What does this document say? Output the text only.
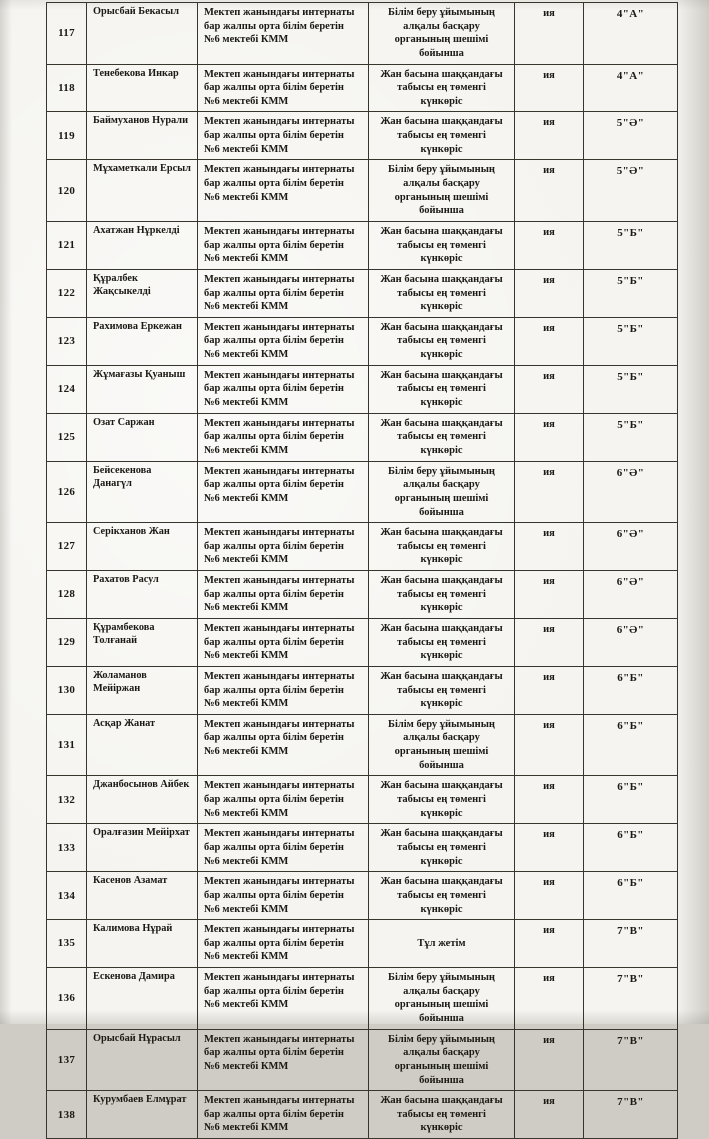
117	Орысбай Бекасыл	Мектеп жанындағы интернаты бар жалпы орта білім беретін №6 мектебі КММ	Білім беру ұйымының алқалы басқару органының шешімі бойынша	ия	4"А"
118	Тенебекова Инкар	Мектеп жанындағы интернаты бар жалпы орта білім беретін №6 мектебі КММ	Жан басына шаққандағы табысы ең төменгі күнкөріс	ия	4"А"
119	Баймуханов Нурали	Мектеп жанындағы интернаты бар жалпы орта білім беретін №6 мектебі КММ	Жан басына шаққандағы табысы ең төменгі күнкөріс	ия	5"Ә"
120	Мұхаметкали Ерсыл	Мектеп жанындағы интернаты бар жалпы орта білім беретін №6 мектебі КММ	Білім беру ұйымының алқалы басқару органының шешімі бойынша	ия	5"Ә"
121	Ахатжан Нұркелді	Мектеп жанындағы интернаты бар жалпы орта білім беретін №6 мектебі КММ	Жан басына шаққандағы табысы ең төменгі күнкөріс	ия	5"Б"
122	Құралбек Жақсыкелді	Мектеп жанындағы интернаты бар жалпы орта білім беретін №6 мектебі КММ	Жан басына шаққандағы табысы ең төменгі күнкөріс	ия	5"Б"
123	Рахимова Еркежан	Мектеп жанындағы интернаты бар жалпы орта білім беретін №6 мектебі КММ	Жан басына шаққандағы табысы ең төменгі күнкөріс	ия	5"Б"
124	Жұмағазы Қуаныш	Мектеп жанындағы интернаты бар жалпы орта білім беретін №6 мектебі КММ	Жан басына шаққандағы табысы ең төменгі күнкөріс	ия	5"Б"
125	Озат Саржан	Мектеп жанындағы интернаты бар жалпы орта білім беретін №6 мектебі КММ	Жан басына шаққандағы табысы ең төменгі күнкөріс	ия	5"Б"
126	Бейсекенова Данагүл	Мектеп жанындағы интернаты бар жалпы орта білім беретін №6 мектебі КММ	Білім беру ұйымының алқалы басқару органының шешімі бойынша	ия	6"Ә"
127	Серікханов Жан	Мектеп жанындағы интернаты бар жалпы орта білім беретін №6 мектебі КММ	Жан басына шаққандағы табысы ең төменгі күнкөріс	ия	6"Ә"
128	Рахатов Расул	Мектеп жанындағы интернаты бар жалпы орта білім беретін №6 мектебі КММ	Жан басына шаққандағы табысы ең төменгі күнкөріс	ия	6"Ә"
129	Құрамбекова Толғанай	Мектеп жанындағы интернаты бар жалпы орта білім беретін №6 мектебі КММ	Жан басына шаққандағы табысы ең төменгі күнкөріс	ия	6"Ә"
130	Жоламанов Мейіржан	Мектеп жанындағы интернаты бар жалпы орта білім беретін №6 мектебі КММ	Жан басына шаққандағы табысы ең төменгі күнкөріс	ия	6"Б"
131	Асқар Жанат	Мектеп жанындағы интернаты бар жалпы орта білім беретін №6 мектебі КММ	Білім беру ұйымының алқалы басқару органының шешімі бойынша	ия	6"Б"
132	Джанбосынов Айбек	Мектеп жанындағы интернаты бар жалпы орта білім беретін №6 мектебі КММ	Жан басына шаққандағы табысы ең төменгі күнкөріс	ия	6"Б"
133	Оралғазин Мейірхат	Мектеп жанындағы интернаты бар жалпы орта білім беретін №6 мектебі КММ	Жан басына шаққандағы табысы ең төменгі күнкөріс	ия	6"Б"
134	Касенов Азамат	Мектеп жанындағы интернаты бар жалпы орта білім беретін №6 мектебі КММ	Жан басына шаққандағы табысы ең төменгі күнкөріс	ия	6"Б"
135	Калимова Нұрай	Мектеп жанындағы интернаты бар жалпы орта білім беретін №6 мектебі КММ	Тұл жетім	ия	7"В"
136	Ескенова Дамира	Мектеп жанындағы интернаты бар жалпы орта білім беретін №6 мектебі КММ	Білім беру ұйымының алқалы басқару органының шешімі бойынша	ия	7"В"
137	Орысбай Нұрасыл	Мектеп жанындағы интернаты бар жалпы орта білім беретін №6 мектебі КММ	Білім беру ұйымының алқалы басқару органының шешімі бойынша	ия	7"В"
138	Курумбаев Елмұрат	Мектеп жанындағы интернаты бар жалпы орта білім беретін №6 мектебі КММ	Жан басына шаққандағы табысы ең төменгі күнкөріс	ия	7"В"
